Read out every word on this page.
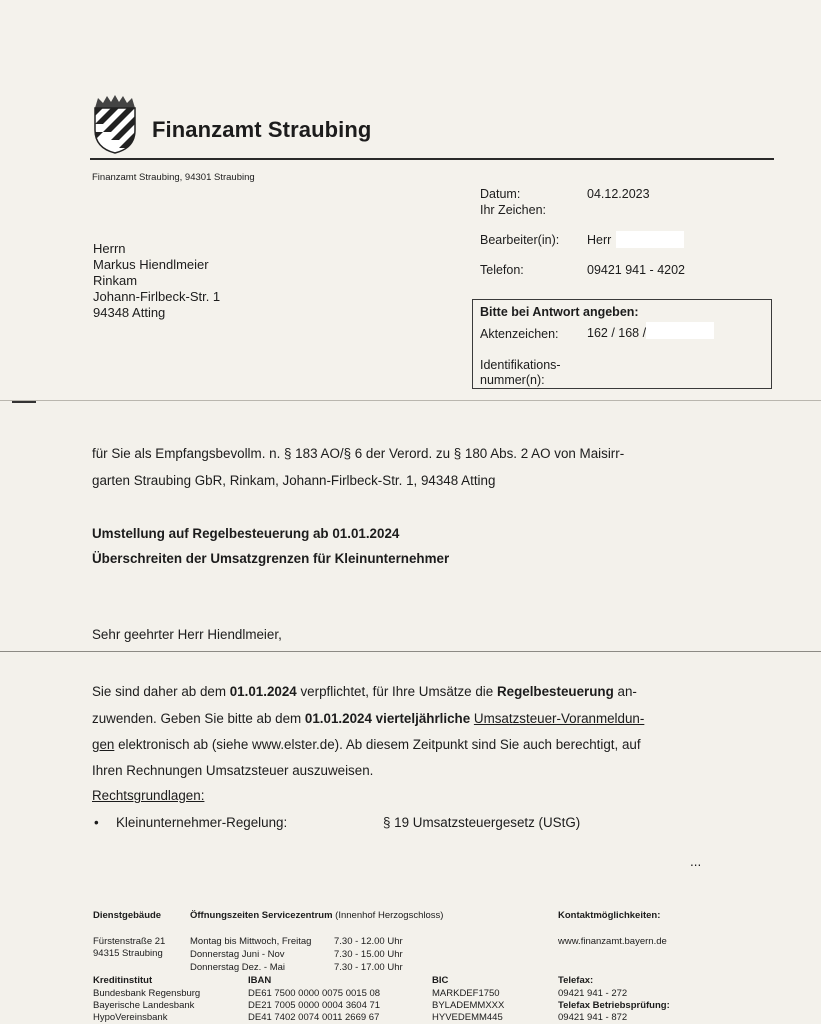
Finanzamt Straubing
Finanzamt Straubing, 94301 Straubing
Datum:	04.12.2023
Ihr Zeichen:
Bearbeiter(in): Herr
Telefon:	09421 941 - 4202
Herrn
Markus Hiendlmeier
Rinkam
Johann-Firlbeck-Str. 1
94348 Atting	Bitte bei Antwort angeben:
Aktenzeichen: 162 / 168 /
Identifikations-
nummer(n):
für Sie als Empfangsbevollm. n. § 183 AO/§ 6 der Verord. zu § 180 Abs. 2 AO von Maisirr-
garten Straubing GbR, Rinkam, Johann-Firlbeck-Str. 1, 94348 Atting
Umstellung auf Regelbesteuerung ab 01.01.2024
Überschreiten der Umsatzgrenzen für Kleinunternehmer
Sehr geehrter Herr Hiendlmeier,
Sie sind daher ab dem 01.01.2024 verpflichtet, für Ihre Umsätze die Regelbesteuerung an-
zuwenden. Geben Sie bitte ab dem 01.01.2024 vierteljährliche Umsatzsteuer-Voranmeldun-
gen elektronisch ab (siehe www.elster.de). Ab diesem Zeitpunkt sind Sie auch berechtigt, auf
Ihren Rechnungen Umsatzsteuer auszuweisen.
Rechtsgrundlagen:
• Kleinunternehmer-Regelung:	§ 19 Umsatzsteuergesetz (UStG)
...
Dienstgebäude	Öffnungszeiten Servicezentrum (Innenhof Herzogschloss)	Kontaktmöglichkeiten:
Fürstenstraße 21
94315 Straubing
Montag bis Mittwoch, Freitag 7.30 - 12.00 Uhr
Donnerstag Juni - Nov	7.30 - 15.00 Uhr
Donnerstag Dez. - Mai	7.30 - 17.00 Uhr
www.finanzamt.bayern.de
Kreditinstitut	IBAN	BIC	Telefax:
Bundesbank Regensburg	DE61 7500 0000 0075 0015 08	MARKDEF1750	09421 941 - 272
Bayerische Landesbank	DE21 7005 0000 0004 3604 71	BYLADEMMXXX	Telefax Betriebsprüfung:
HypoVereinsbank	DE41 7402 0074 0011 2669 67	HYVEDEMM445	09421 941 - 872
